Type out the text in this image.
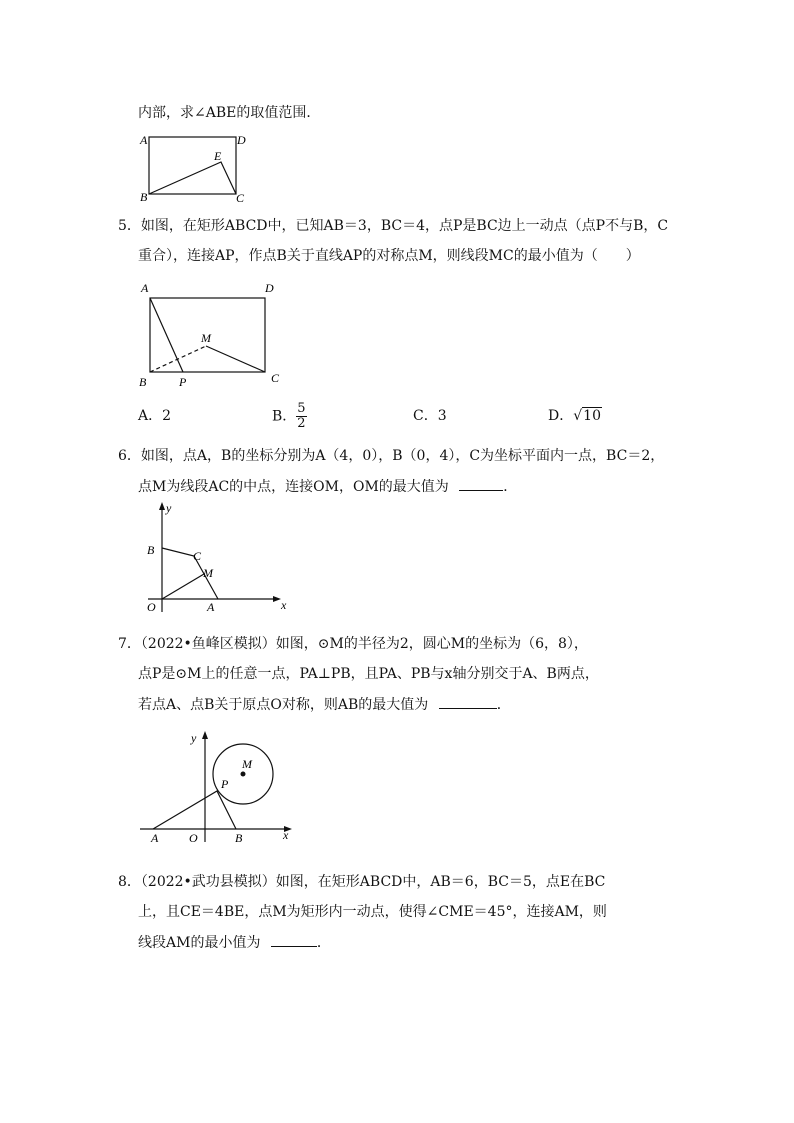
内部，求∠ABE的取值范围．
A	D
E
B	C
5．如图，在矩形ABCD中，已知AB＝3，BC＝4，点P是BC边上一动点（点P不与B，C
重合），连接AP，作点B关于直线AP的对称点M，则线段MC的最小值为（　　）
A	D
M
B	P	C
A．2	B． $\frac{5}{2}$	C．3	D．√10
6．如图，点A，B的坐标分别为A（4，0），B（0，4），C为坐标平面内一点，BC＝2，
点M为线段AC的中点，连接OM，OM的最大值为	．
y
B	C
M
O	A	x
7．（2022•鱼峰区模拟）如图，⊙M的半径为2，圆心M的坐标为（6，8），
点P是⊙M上的任意一点，PA⊥PB，且PA、PB与x轴分别交于A、B两点，
若点A、点B关于原点O对称，则AB的最大值为	．
y
M
P
A	O	B	x
8．（2022•武功县模拟）如图，在矩形ABCD中，AB＝6，BC＝5，点E在BC
上，且CE＝4BE，点M为矩形内一动点，使得∠CME＝45°，连接AM，则
线段AM的最小值为	．
